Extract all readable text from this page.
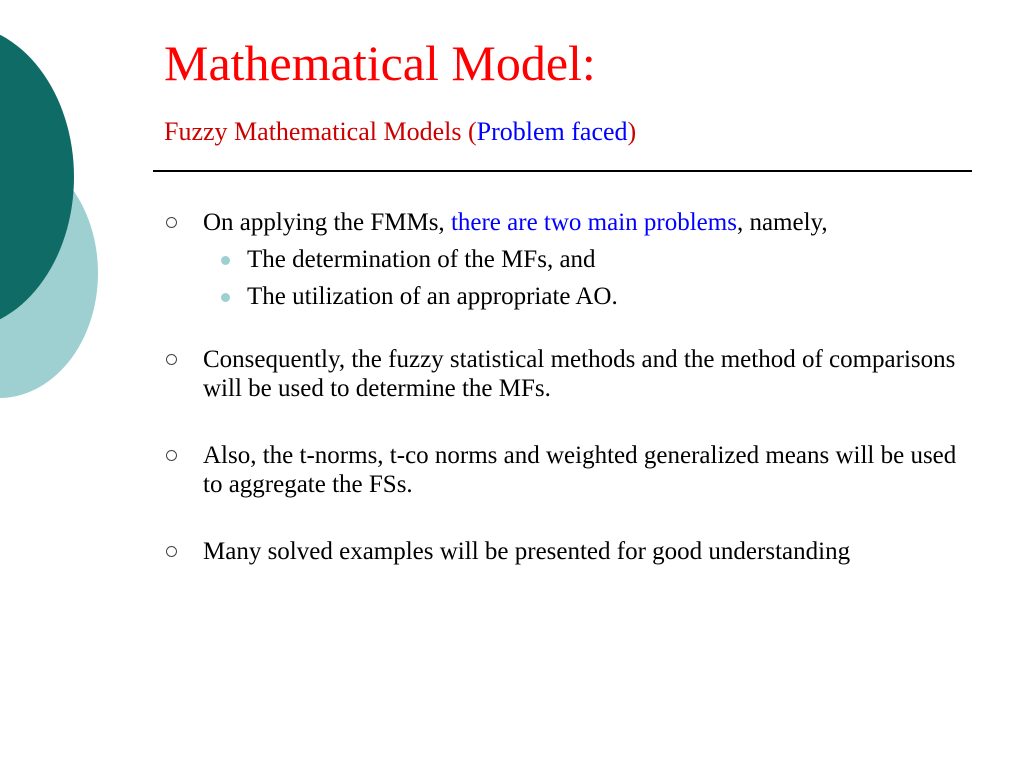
Mathematical Model:
Fuzzy Mathematical Models (Problem faced)
On applying the FMMs, there are two main problems, namely,
The determination of the MFs, and
The utilization of an appropriate AO.
Consequently, the fuzzy statistical methods and the method of comparisons will be used to determine the MFs.
Also, the t-norms, t-co norms and weighted generalized means will be used to aggregate the FSs.
Many solved examples will be presented for good understanding
